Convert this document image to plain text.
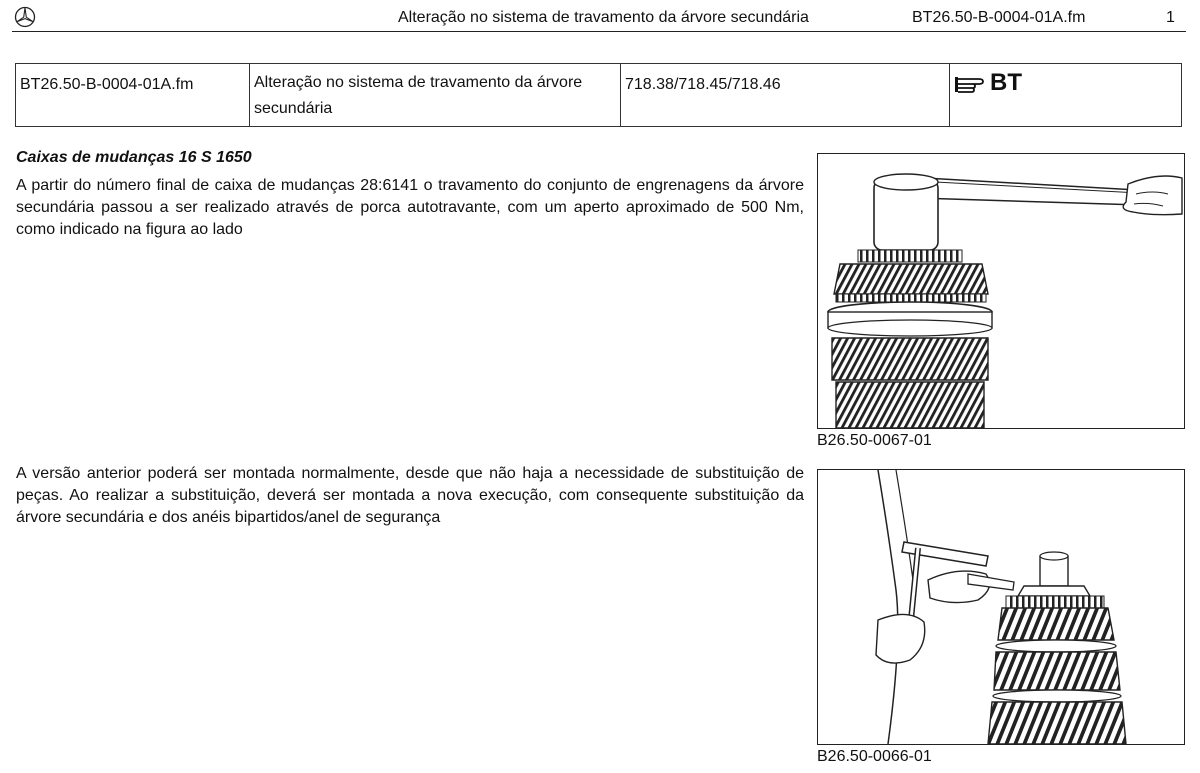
Alteração no sistema de travamento da árvore secundária	BT26.50-B-0004-01A.fm	1
BT26.50-B-0004-01A.fm	Alteração no sistema de travamento da árvore secundária	718.38/718.45/718.46	BT
Caixas de mudanças 16 S 1650
A partir do número final de caixa de mudanças 28:6141 o travamento do conjunto de engrenagens da árvore secundária passou a ser realizado através de porca autotravante, com um aperto aproximado de 500 Nm, como indicado na figura ao lado
A versão anterior poderá ser montada normalmente, desde que não haja a necessidade de substituição de peças. Ao realizar a substituição, deverá ser montada a nova execução, com consequente substituição da árvore secundária e dos anéis bipartidos/anel de segurança
B26.50-0067-01
B26.50-0066-01
